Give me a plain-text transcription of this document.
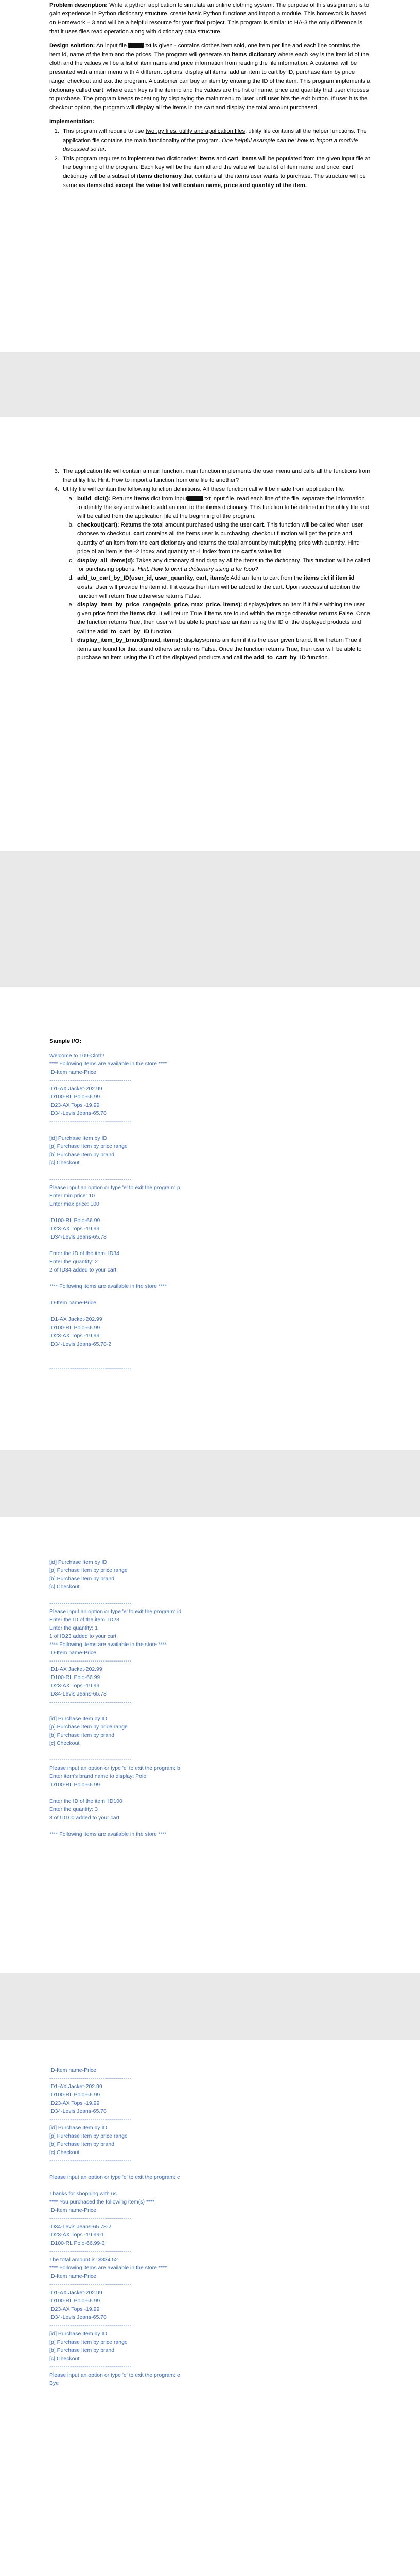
Problem description: Write a python application to simulate an online clothing system. The purpose of this assignment is to gain experience in Python dictionary structure, create basic Python functions and import a module. This homework is based on Homework – 3 and will be a helpful resource for your final project. This program is similar to HA-3 the only difference is that it uses files read operation along with dictionary data structure.

Design solution: An input file	.txt is given - contains clothes item sold, one item per line and each line contains the item id, name of the item and the prices. The program will generate an items dictionary where each key is the item id of the cloth and the values will be a list of item name and price information from reading the file information. A customer will be presented with a main menu with 4 different options: display all items, add an item to cart by ID, purchase item by price range, checkout and exit the program. A customer can buy an item by entering the ID of the item. This program implements a dictionary called cart, where each key is the item id and the values are the list of name, price and quantity that user chooses to purchase. The program keeps repeating by displaying the main menu to user until user hits the exit button. If user hits the checkout option, the program will display all the items in the cart and display the total amount purchased.

Implementation:
1. This program will require to use two .py files: utility and application files, utility file contains all the helper functions. The application file contains the main functionality of the program. One helpful example can be: how to import a module discussed so far.
2. This program requires to implement two dictionaries: items and cart. Items will be populated from the given input file at the beginning of the program. Each key will be the item id and the value will be a list of item name and price. cart dictionary will be a subset of items dictionary that contains all the items user wants to purchase. The structure will be same as items dict except the value list will contain name, price and quantity of the item.
3. The application file will contain a main function. main function implements the user menu and calls all the functions from the utility file. Hint: How to import a function from one file to another?
4. Utility file will contain the following function definitions. All these function call will be made from application file.
a. build_dict(): Returns items dict from input	.txt input file. read each line of the file, separate the information to identify the key and value to add an item to the items dictionary. This function to be defined in the utility file and will be called from the application file at the beginning of the program.
b. checkout(cart): Returns the total amount purchased using the user cart. This function will be called when user chooses to checkout. cart contains all the items user is purchasing. checkout function will get the price and quantity of an item from the cart dictionary and returns the total amount by multiplying price with quantity. Hint: price of an item is the -2 index and quantity at -1 index from the cart's value list.
c. display_all_items(d): Takes any dictionary d and display all the items in the dictionary. This function will be called for purchasing options. Hint: How to print a dictionary using a for loop?
d. add_to_cart_by_ID(user_id, user_quantity, cart, items): Add an item to cart from the items dict if item id exists. User will provide the item id. If it exists then item will be added to the cart. Upon successful addition the function will return True otherwise returns False.
e. display_item_by_price_range(min_price, max_price, items): displays/prints an item if it falls withing the user given price from the items dict. It will return True if items are found within the range otherwise returns False. Once the function returns True, then user will be able to purchase an item using the ID of the displayed products and call the add_to_cart_by_ID function.
f. display_item_by_brand(brand, items): displays/prints an item if it is the user given brand. It will return True if items are found for that brand otherwise returns False. Once the function returns True, then user will be able to purchase an item using the ID of the displayed products and call the add_to_cart_by_ID function.
Sample I/O:
Welcome to 109-Cloth!
**** Following items are available in the store ****
ID-Item name-Price
----------------------------------------
ID1-AX Jacket-202.99
ID100-RL Polo-66.99
ID23-AX Tops -19.99
ID34-Levis Jeans-65.78
----------------------------------------
[id] Purchase Item by ID
[p] Purchase Item by price range
[b] Purchase Item by brand
[c] Checkout
----------------------------------------
Please input an option or type 'e' to exit the program: p
Enter min price: 10
Enter max price: 100
ID100-RL Polo-66.99
ID23-AX Tops -19.99
ID34-Levis Jeans-65.78
Enter the ID of the item: ID34
Enter the quantity: 2
2 of ID34 added to your cart
**** Following items are available in the store ****
ID-Item name-Price
ID1-AX Jacket-202.99
ID100-RL Polo-66.99
ID23-AX Tops -19.99
ID34-Levis Jeans-65.78-2
----------------------------------------
[id] Purchase Item by ID
[p] Purchase Item by price range
[b] Purchase Item by brand
[c] Checkout
----------------------------------------
Please input an option or type 'e' to exit the program: id
Enter the ID of the item: ID23
Enter the quantity: 1
1 of ID23 added to your cart
**** Following items are available in the store ****
ID-Item name-Price
----------------------------------------
ID1-AX Jacket-202.99
ID100-RL Polo-66.99
ID23-AX Tops -19.99
ID34-Levis Jeans-65.78
----------------------------------------
[id] Purchase Item by ID
[p] Purchase Item by price range
[b] Purchase Item by brand
[c] Checkout
----------------------------------------
Please input an option or type 'e' to exit the program: b
Enter item's brand name to display: Polo
ID100-RL Polo-66.99
Enter the ID of the item: ID100
Enter the quantity: 3
3 of ID100 added to your cart
**** Following items are available in the store ****
ID-Item name-Price
----------------------------------------
ID1-AX Jacket-202.99
ID100-RL Polo-66.99
ID23-AX Tops -19.99
ID34-Levis Jeans-65.78
----------------------------------------
[id] Purchase Item by ID
[p] Purchase Item by price range
[b] Purchase Item by brand
[c] Checkout
----------------------------------------
Please input an option or type 'e' to exit the program: c
Thanks for shopping with us
**** You purchased the following item(s) ****
ID-Item name-Price
----------------------------------------
ID34-Levis Jeans-65.78-2
ID23-AX Tops -19.99-1
ID100-RL Polo-66.99-3
----------------------------------------
The total amount is: $334.52
**** Following items are available in the store ****
ID-Item name-Price
----------------------------------------
ID1-AX Jacket-202.99
ID100-RL Polo-66.99
ID23-AX Tops -19.99
ID34-Levis Jeans-65.78
----------------------------------------
[id] Purchase Item by ID
[p] Purchase Item by price range
[b] Purchase Item by brand
[c] Checkout
----------------------------------------
Please input an option or type 'e' to exit the program: e
Bye
